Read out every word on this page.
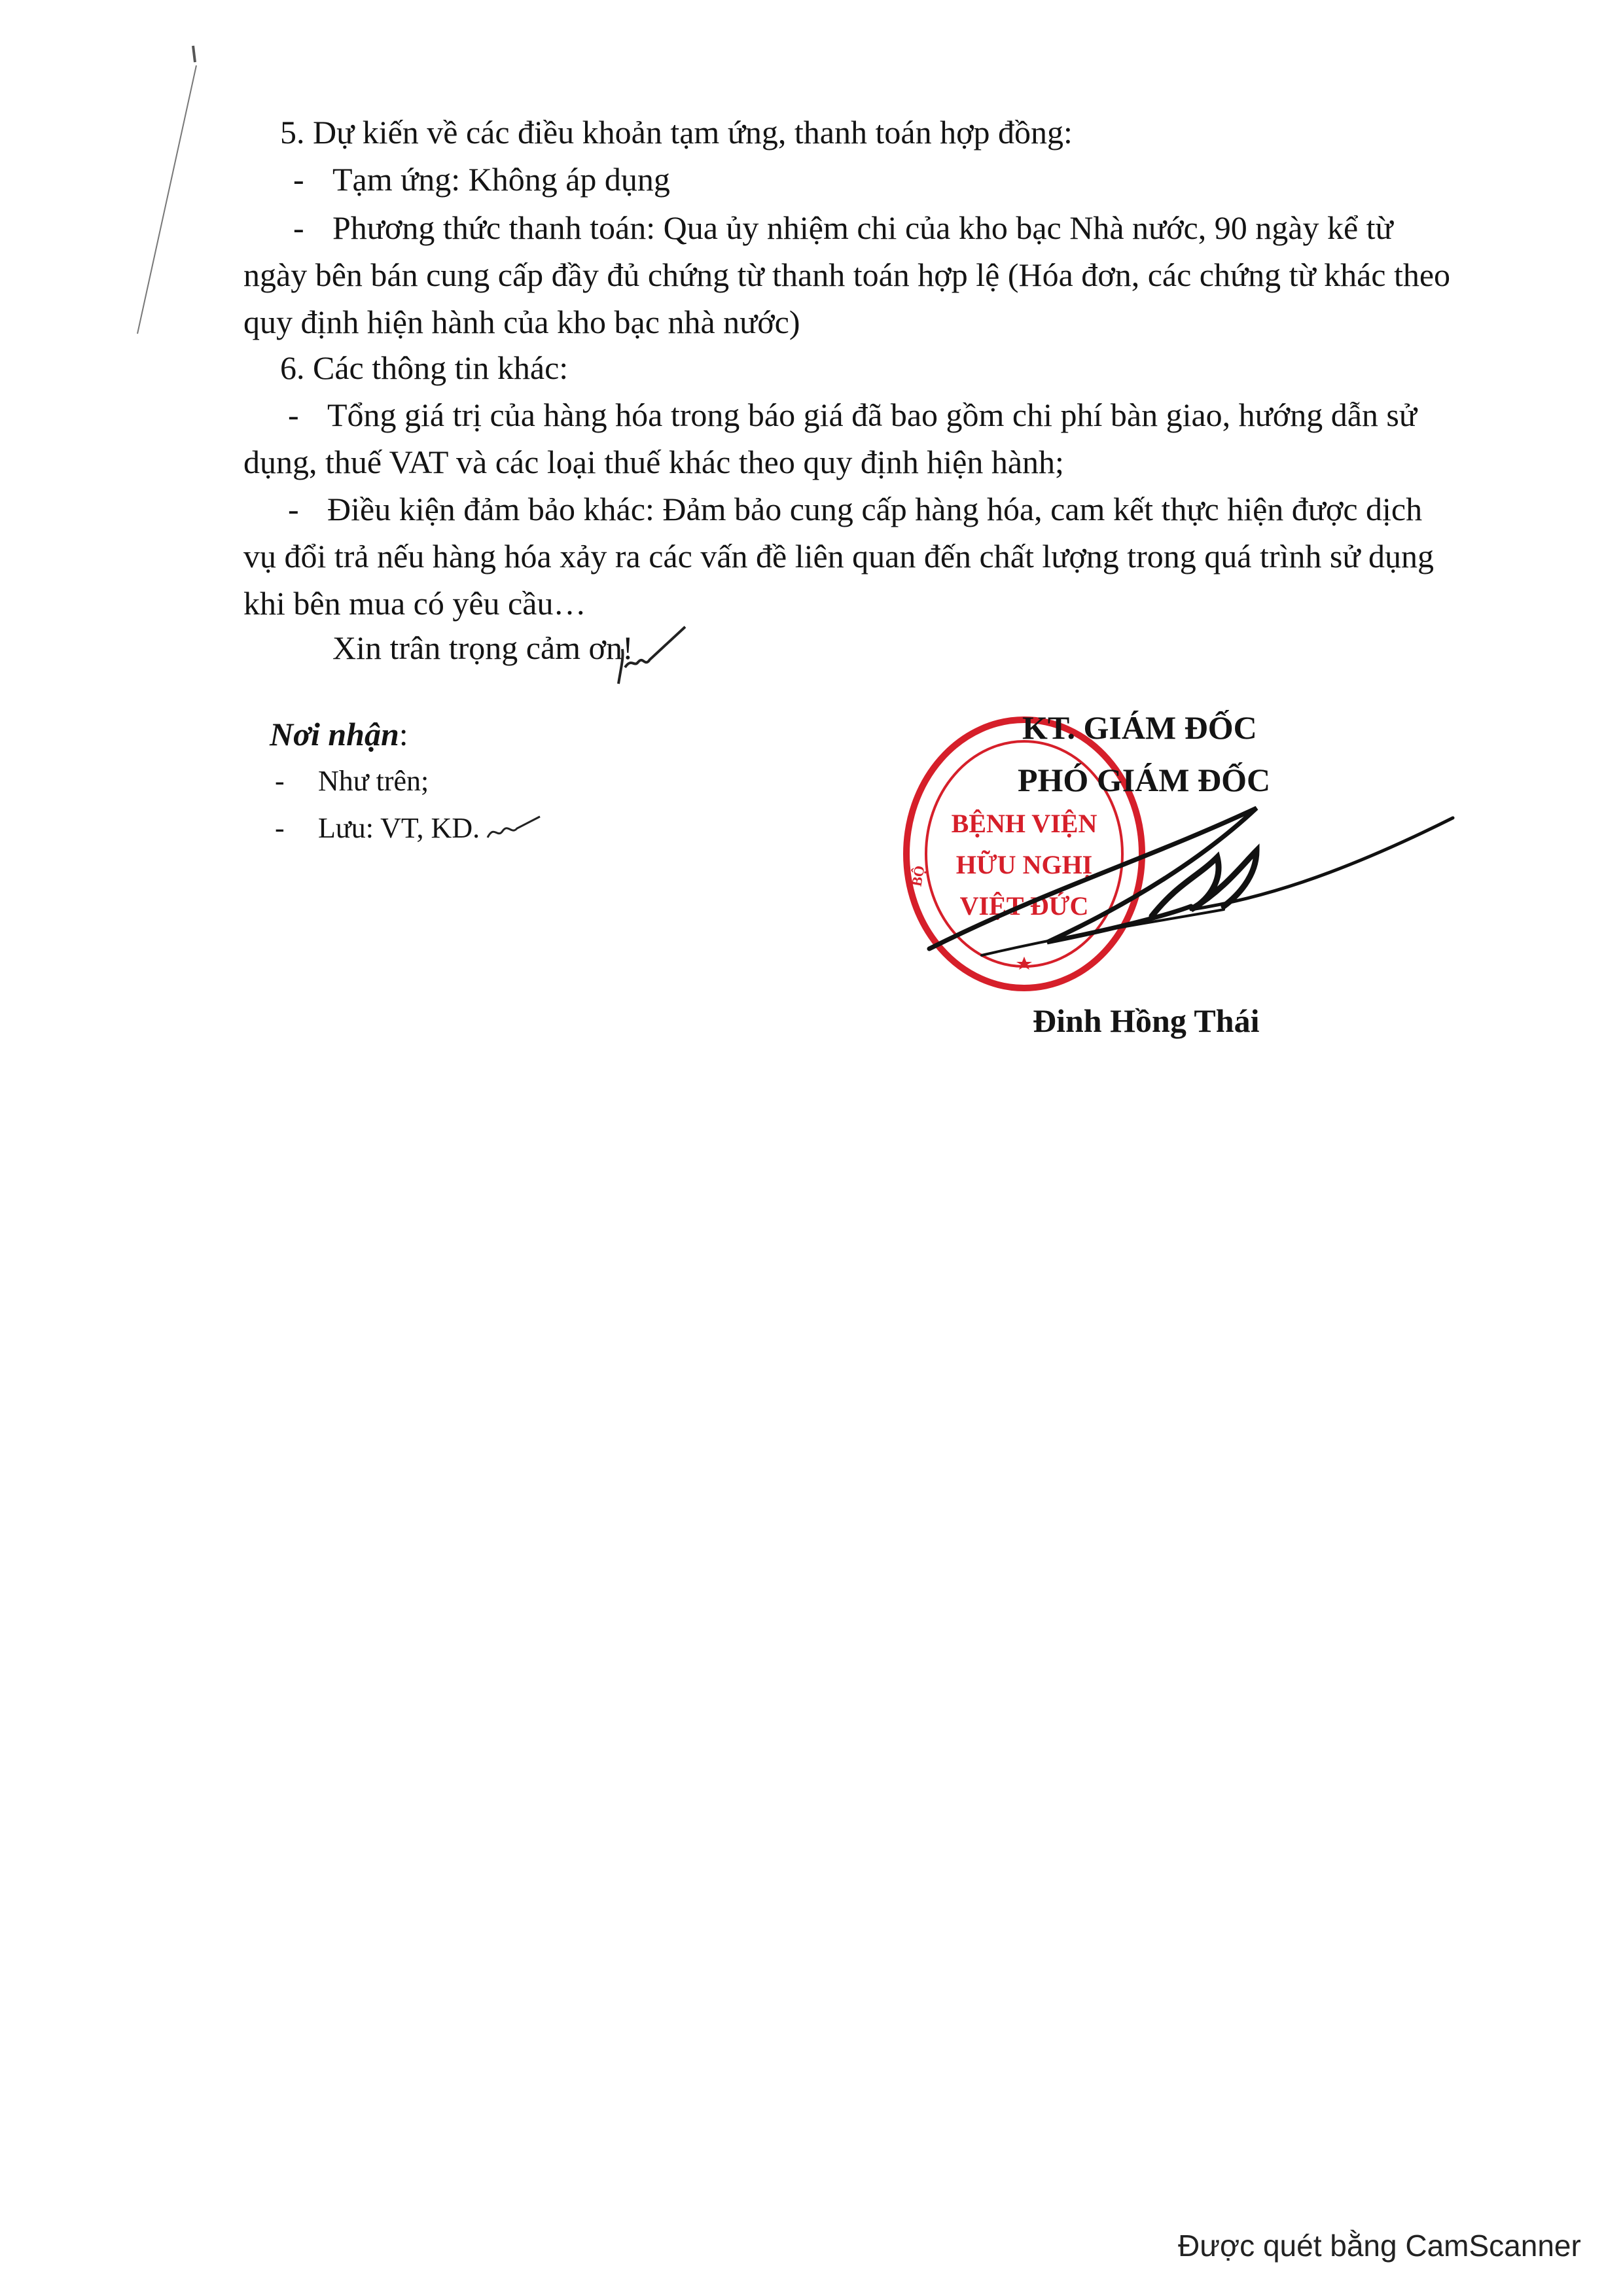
5. Dự kiến về các điều khoản tạm ứng, thanh toán hợp đồng:
- Tạm ứng: Không áp dụng
- Phương thức thanh toán: Qua ủy nhiệm chi của kho bạc Nhà nước, 90 ngày kể từ
ngày bên bán cung cấp đầy đủ chứng từ thanh toán hợp lệ (Hóa đơn, các chứng từ khác theo
quy định hiện hành của kho bạc nhà nước)
6. Các thông tin khác:
- Tổng giá trị của hàng hóa trong báo giá đã bao gồm chi phí bàn giao, hướng dẫn sử
dụng, thuế VAT và các loại thuế khác theo quy định hiện hành;
- Điều kiện đảm bảo khác: Đảm bảo cung cấp hàng hóa, cam kết thực hiện được dịch
vụ đổi trả nếu hàng hóa xảy ra các vấn đề liên quan đến chất lượng trong quá trình sử dụng
khi bên mua có yêu cầu…
Xin trân trọng cảm ơn!
Nơi nhận:
- Như trên;
- Lưu: VT, KD.	BỆNH VIỆN
HỮU NGHỊ
VIỆT ĐỨC
BỘ
KT. GIÁM ĐỐC
PHÓ GIÁM ĐỐC
Đinh Hồng Thái
Được quét bằng CamScanner
